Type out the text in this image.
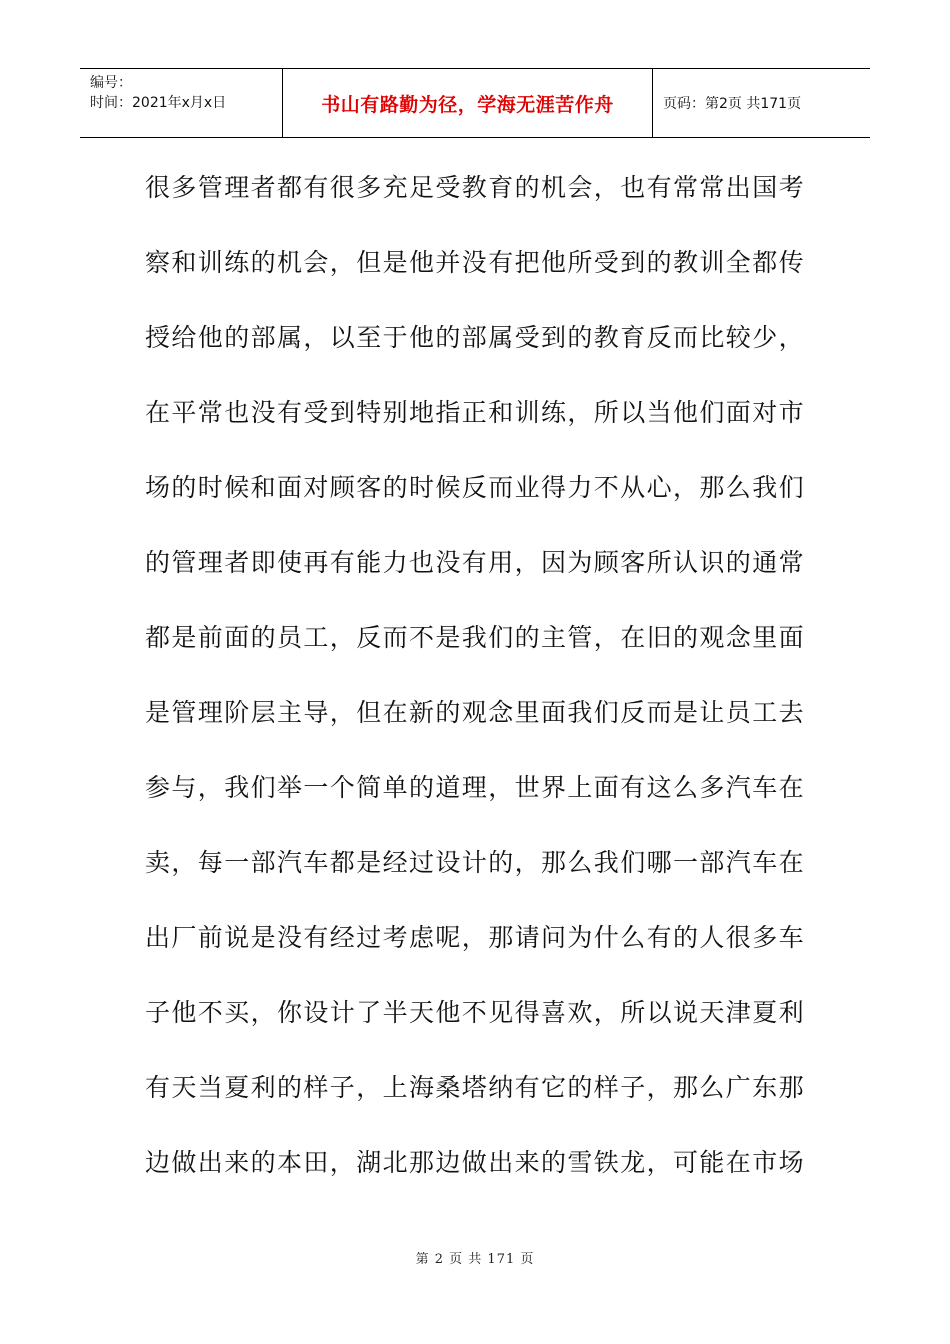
编号：
时间：2021年x月x日	书山有路勤为径，学海无涯苦作舟	页码：第2页 共171页
很多管理者都有很多充足受教育的机会，也有常常出国考
察和训练的机会，但是他并没有把他所受到的教训全都传
授给他的部属，以至于他的部属受到的教育反而比较少，
在平常也没有受到特别地指正和训练，所以当他们面对市
场的时候和面对顾客的时候反而业得力不从心，那么我们
的管理者即使再有能力也没有用，因为顾客所认识的通常
都是前面的员工，反而不是我们的主管，在旧的观念里面
是管理阶层主导，但在新的观念里面我们反而是让员工去
参与，我们举一个简单的道理，世界上面有这么多汽车在
卖，每一部汽车都是经过设计的，那么我们哪一部汽车在
出厂前说是没有经过考虑呢，那请问为什么有的人很多车
子他不买，你设计了半天他不见得喜欢，所以说天津夏利
有天当夏利的样子，上海桑塔纳有它的样子，那么广东那
边做出来的本田，湖北那边做出来的雪铁龙，可能在市场
第 2 页 共 171 页
